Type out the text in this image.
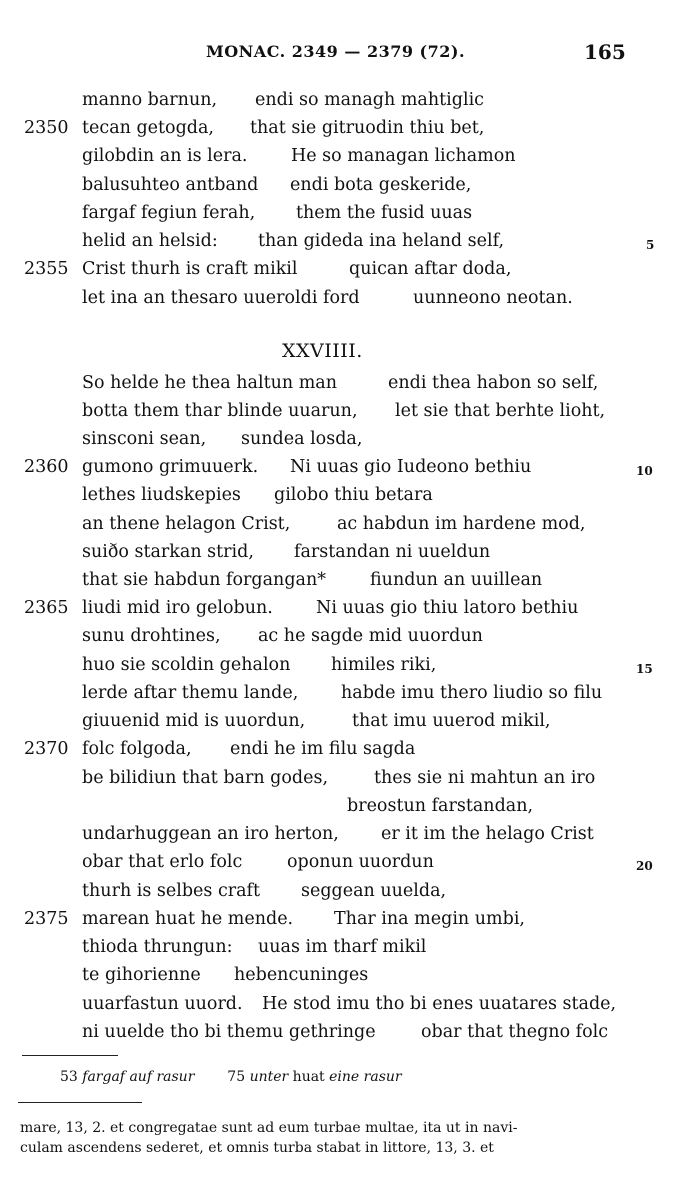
MONAC. 2349 — 2379 (72).	165
2350
2355
manno barnun, endi so managh mahtiglic
tecan getogda, that sie gitruodin thiu bet,
gilobdin an is lera. He so managan lichamon
balusuhteo antband endi bota geskeride,
fargaf fegiun ferah, them the fusid uuas
helid an helsid: than gideda ina heland self,
Crist thurh is craft mikil	quican aftar doda,
let ina an thesaro uueroldi ford	uunneono neotan.
XXVIIII.
2360
2365
2370
2375
So helde he thea haltun man	endi thea habon so self,
botta them thar blinde uuarun, let sie that berhte lioht,
sinsconi sean, sundea losda,
gumono grimuuerk. Ni uuas gio Iudeono bethiu
lethes liudskepies gilobo thiu betara
an thene helagon Crist,	ac habdun im hardene mod,
suiðo starkan strid, farstandan ni uueldun
that sie habdun forgangan*	fiundun an uuillean
liudi mid iro gelobun. Ni uuas gio thiu latoro bethiu
sunu drohtines, ac he sagde mid uuordun
huo sie scoldin gehalon himiles riki,
lerde aftar themu lande, habde imu thero liudio so filu
giuuenid mid is uuordun,	that imu uuerod mikil,
folc folgoda, endi he im filu sagda
be bilidiun that barn godes,	thes sie ni mahtun an iro
breostun farstandan,
undarhuggean an iro herton, er it im the helago Crist
obar that erlo folc	oponun uuordun
thurh is selbes craft seggean uuelda,
marean huat he mende. Thar ina megin umbi,
thioda thrungun: uuas im tharf mikil
te gihorienne hebencuninges
uuarfastun uuord. He stod imu tho bi enes uuatares stade,
ni uuelde tho bi themu gethringe	obar that thegno folc
5
10
15
20
53 fargaf auf rasur 75 unter huat eine rasur
mare, 13, 2. et congregatae sunt ad eum turbae multae, ita ut in navi-
culam ascendens sederet, et omnis turba stabat in littore, 13, 3. et
